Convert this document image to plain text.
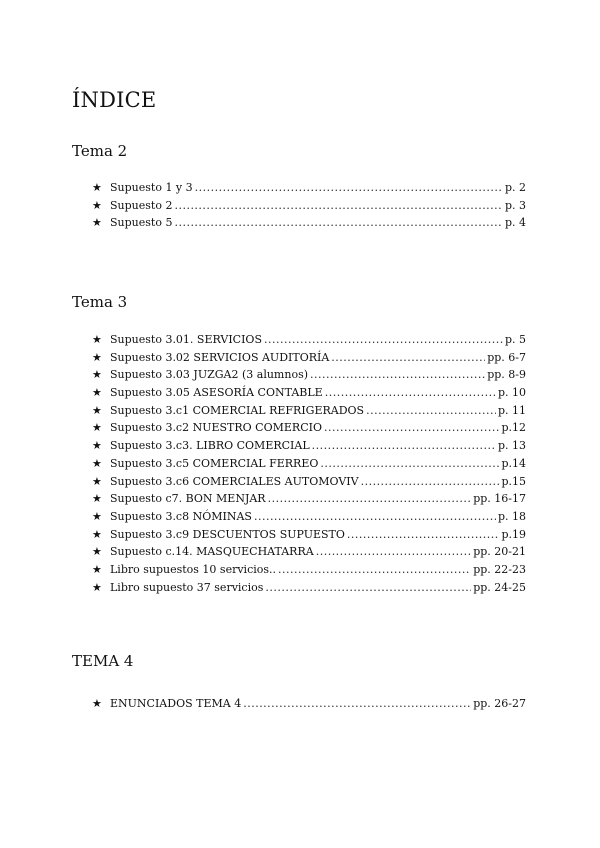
ÍNDICE
Tema 2
★ Supuesto 1 y 3 .....	p. 2
★ Supuesto 2 .....	p. 3
★ Supuesto 5 .....	p. 4
Tema 3
★ Supuesto 3.01. SERVICIOS .....	p. 5
★ Supuesto 3.02 SERVICIOS AUDITORÍA .....	pp. 6-7
★ Supuesto 3.03 JUZGA2 (3 alumnos) .....	pp. 8-9
★ Supuesto 3.05 ASESORÍA CONTABLE .....	p. 10
★ Supuesto 3.c1 COMERCIAL REFRIGERADOS .....	p. 11
★ Supuesto 3.c2 NUESTRO COMERCIO .....	p.12
★ Supuesto 3.c3. LIBRO COMERCIAL .....	p. 13
★ Supuesto 3.c5 COMERCIAL FERREO .....	p.14
★ Supuesto 3.c6 COMERCIALES AUTOMOVIV .....	p.15
★ Supuesto c7. BON MENJAR .....	pp. 16-17
★ Supuesto 3.c8 NÓMINAS .....	p. 18
★ Supuesto 3.c9 DESCUENTOS SUPUESTO .....	p.19
★ Supuesto c.14. MASQUECHATARRA .....	pp. 20-21
★ Libro supuestos 10 servicios.. .....	pp. 22-23
★ Libro supuesto 37 servicios .....	pp. 24-25
TEMA 4
★ ENUNCIADOS TEMA 4 .....	pp. 26-27
